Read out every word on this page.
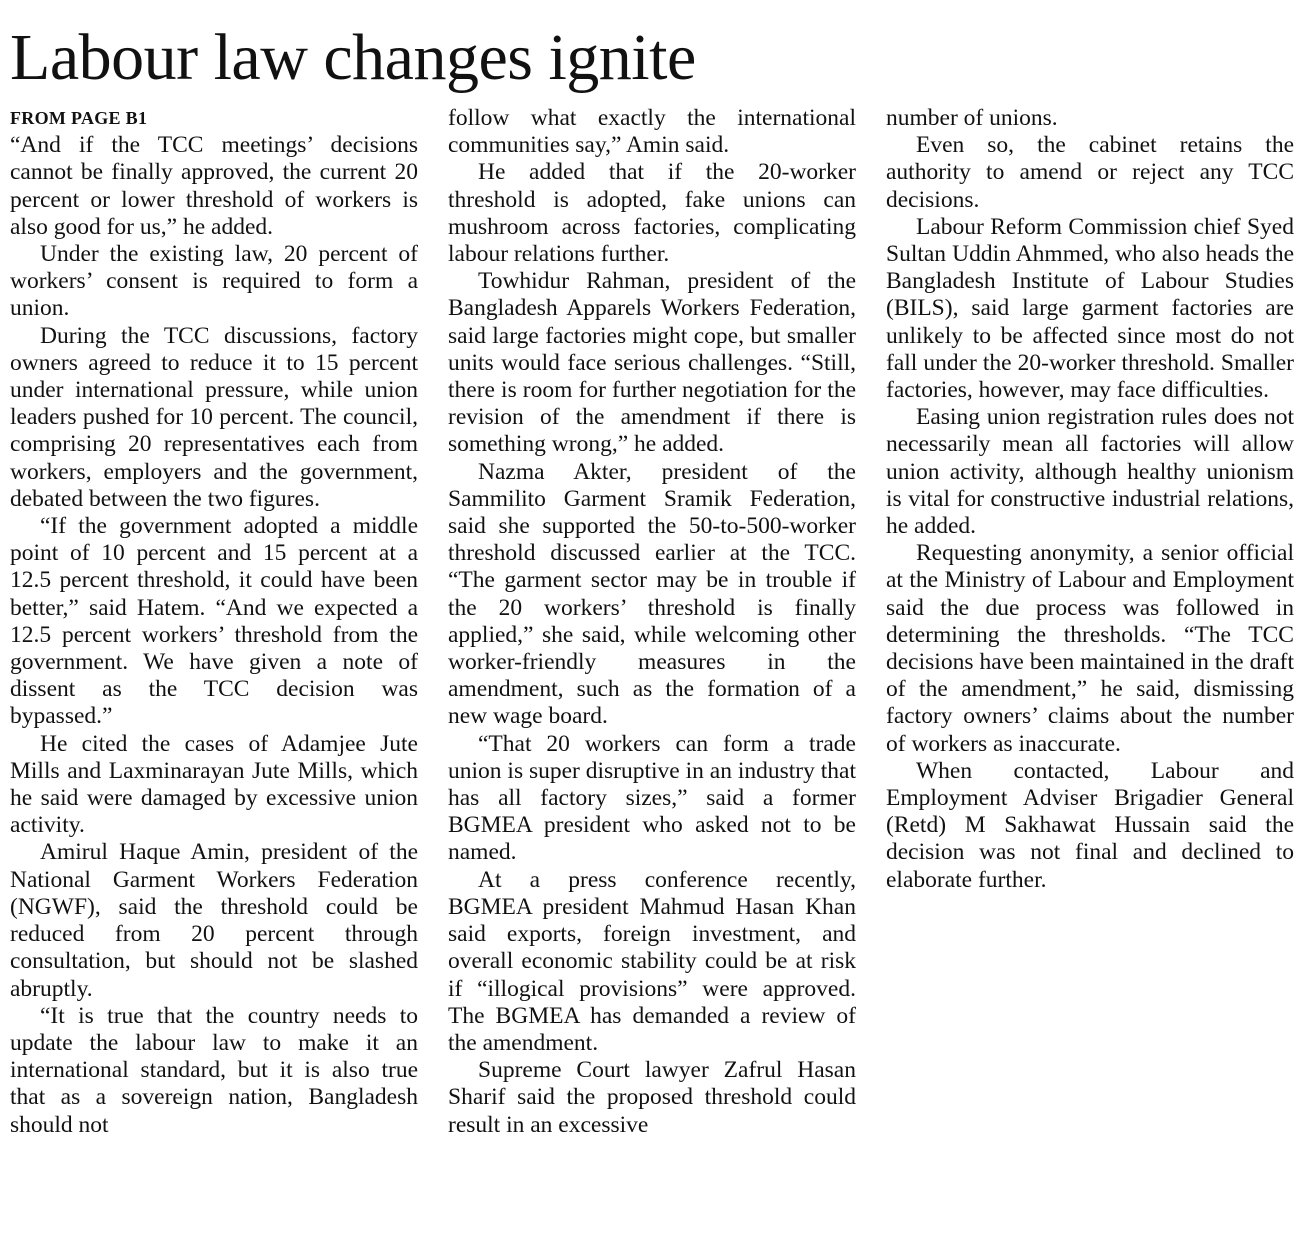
Labour law changes ignite
FROM PAGE B1

“And if the TCC meetings’ decisions cannot be finally approved, the current 20 percent or lower threshold of workers is also good for us,” he added.

Under the existing law, 20 percent of workers’ consent is required to form a union.

During the TCC discussions, factory owners agreed to reduce it to 15 percent under international pressure, while union leaders pushed for 10 percent. The council, comprising 20 representatives each from workers, employers and the government, debated between the two figures.

“If the government adopted a middle point of 10 percent and 15 percent at a 12.5 percent threshold, it could have been better,” said Hatem. “And we expected a 12.5 percent workers’ threshold from the government. We have given a note of dissent as the TCC decision was bypassed.”

He cited the cases of Adamjee Jute Mills and Laxminarayan Jute Mills, which he said were damaged by excessive union activity.

Amirul Haque Amin, president of the National Garment Workers Federation (NGWF), said the threshold could be reduced from 20 percent through consultation, but should not be slashed abruptly.

“It is true that the country needs to update the labour law to make it an international standard, but it is also true that as a sovereign nation, Bangladesh should not

follow what exactly the international communities say,” Amin said.

He added that if the 20-worker threshold is adopted, fake unions can mushroom across factories, complicating labour relations further.

Towhidur Rahman, president of the Bangladesh Apparels Workers Federation, said large factories might cope, but smaller units would face serious challenges. “Still, there is room for further negotiation for the revision of the amendment if there is something wrong,” he added.

Nazma Akter, president of the Sammilito Garment Sramik Federation, said she supported the 50-to-500-worker threshold discussed earlier at the TCC. “The garment sector may be in trouble if the 20 workers’ threshold is finally applied,” she said, while welcoming other worker-friendly measures in the amendment, such as the formation of a new wage board.

“That 20 workers can form a trade union is super disruptive in an industry that has all factory sizes,” said a former BGMEA president who asked not to be named.

At a press conference recently, BGMEA president Mahmud Hasan Khan said exports, foreign investment, and overall economic stability could be at risk if “illogical provisions” were approved. The BGMEA has demanded a review of the amendment.

Supreme Court lawyer Zafrul Hasan Sharif said the proposed threshold could result in an excessive

number of unions.

Even so, the cabinet retains the authority to amend or reject any TCC decisions.

Labour Reform Commission chief Syed Sultan Uddin Ahmmed, who also heads the Bangladesh Institute of Labour Studies (BILS), said large garment factories are unlikely to be affected since most do not fall under the 20-worker threshold. Smaller factories, however, may face difficulties.

Easing union registration rules does not necessarily mean all factories will allow union activity, although healthy unionism is vital for constructive industrial relations, he added.

Requesting anonymity, a senior official at the Ministry of Labour and Employment said the due process was followed in determining the thresholds. “The TCC decisions have been maintained in the draft of the amendment,” he said, dismissing factory owners’ claims about the number of workers as inaccurate.

When contacted, Labour and Employment Adviser Brigadier General (Retd) M Sakhawat Hussain said the decision was not final and declined to elaborate further.
